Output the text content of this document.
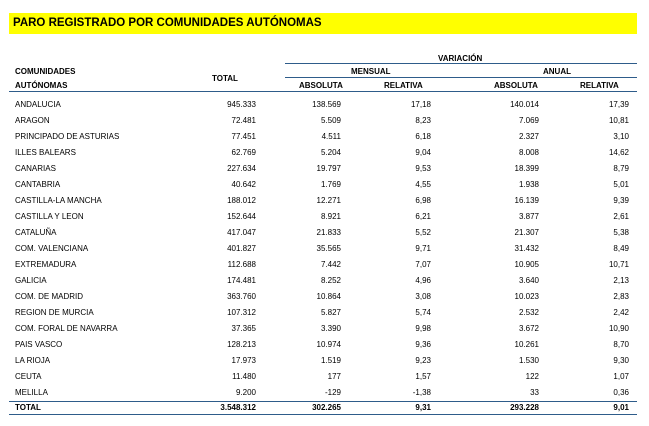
PARO REGISTRADO POR COMUNIDADES AUTÓNOMAS
VARIACIÓN
COMUNIDADES
TOTAL
MENSUAL	ANUAL
AUTÓNOMAS	ABSOLUTA	RELATIVA	ABSOLUTA	RELATIVA
ANDALUCIA	945.333	138.569	17,18	140.014	17,39
ARAGON	72.481	5.509	8,23	7.069	10,81
PRINCIPADO DE ASTURIAS	77.451	4.511	6,18	2.327	3,10
ILLES BALEARS	62.769	5.204	9,04	8.008	14,62
CANARIAS	227.634	19.797	9,53	18.399	8,79
CANTABRIA	40.642	1.769	4,55	1.938	5,01
CASTILLA-LA MANCHA	188.012	12.271	6,98	16.139	9,39
CASTILLA Y LEON	152.644	8.921	6,21	3.877	2,61
CATALUÑA	417.047	21.833	5,52	21.307	5,38
COM. VALENCIANA	401.827	35.565	9,71	31.432	8,49
EXTREMADURA	112.688	7.442	7,07	10.905	10,71
GALICIA	174.481	8.252	4,96	3.640	2,13
COM. DE MADRID	363.760	10.864	3,08	10.023	2,83
REGION DE MURCIA	107.312	5.827	5,74	2.532	2,42
COM. FORAL DE NAVARRA	37.365	3.390	9,98	3.672	10,90
PAIS VASCO	128.213	10.974	9,36	10.261	8,70
LA RIOJA	17.973	1.519	9,23	1.530	9,30
CEUTA	11.480	177	1,57	122	1,07
MELILLA	9.200	-129	-1,38	33	0,36
TOTAL	3.548.312	302.265	9,31	293.228	9,01
